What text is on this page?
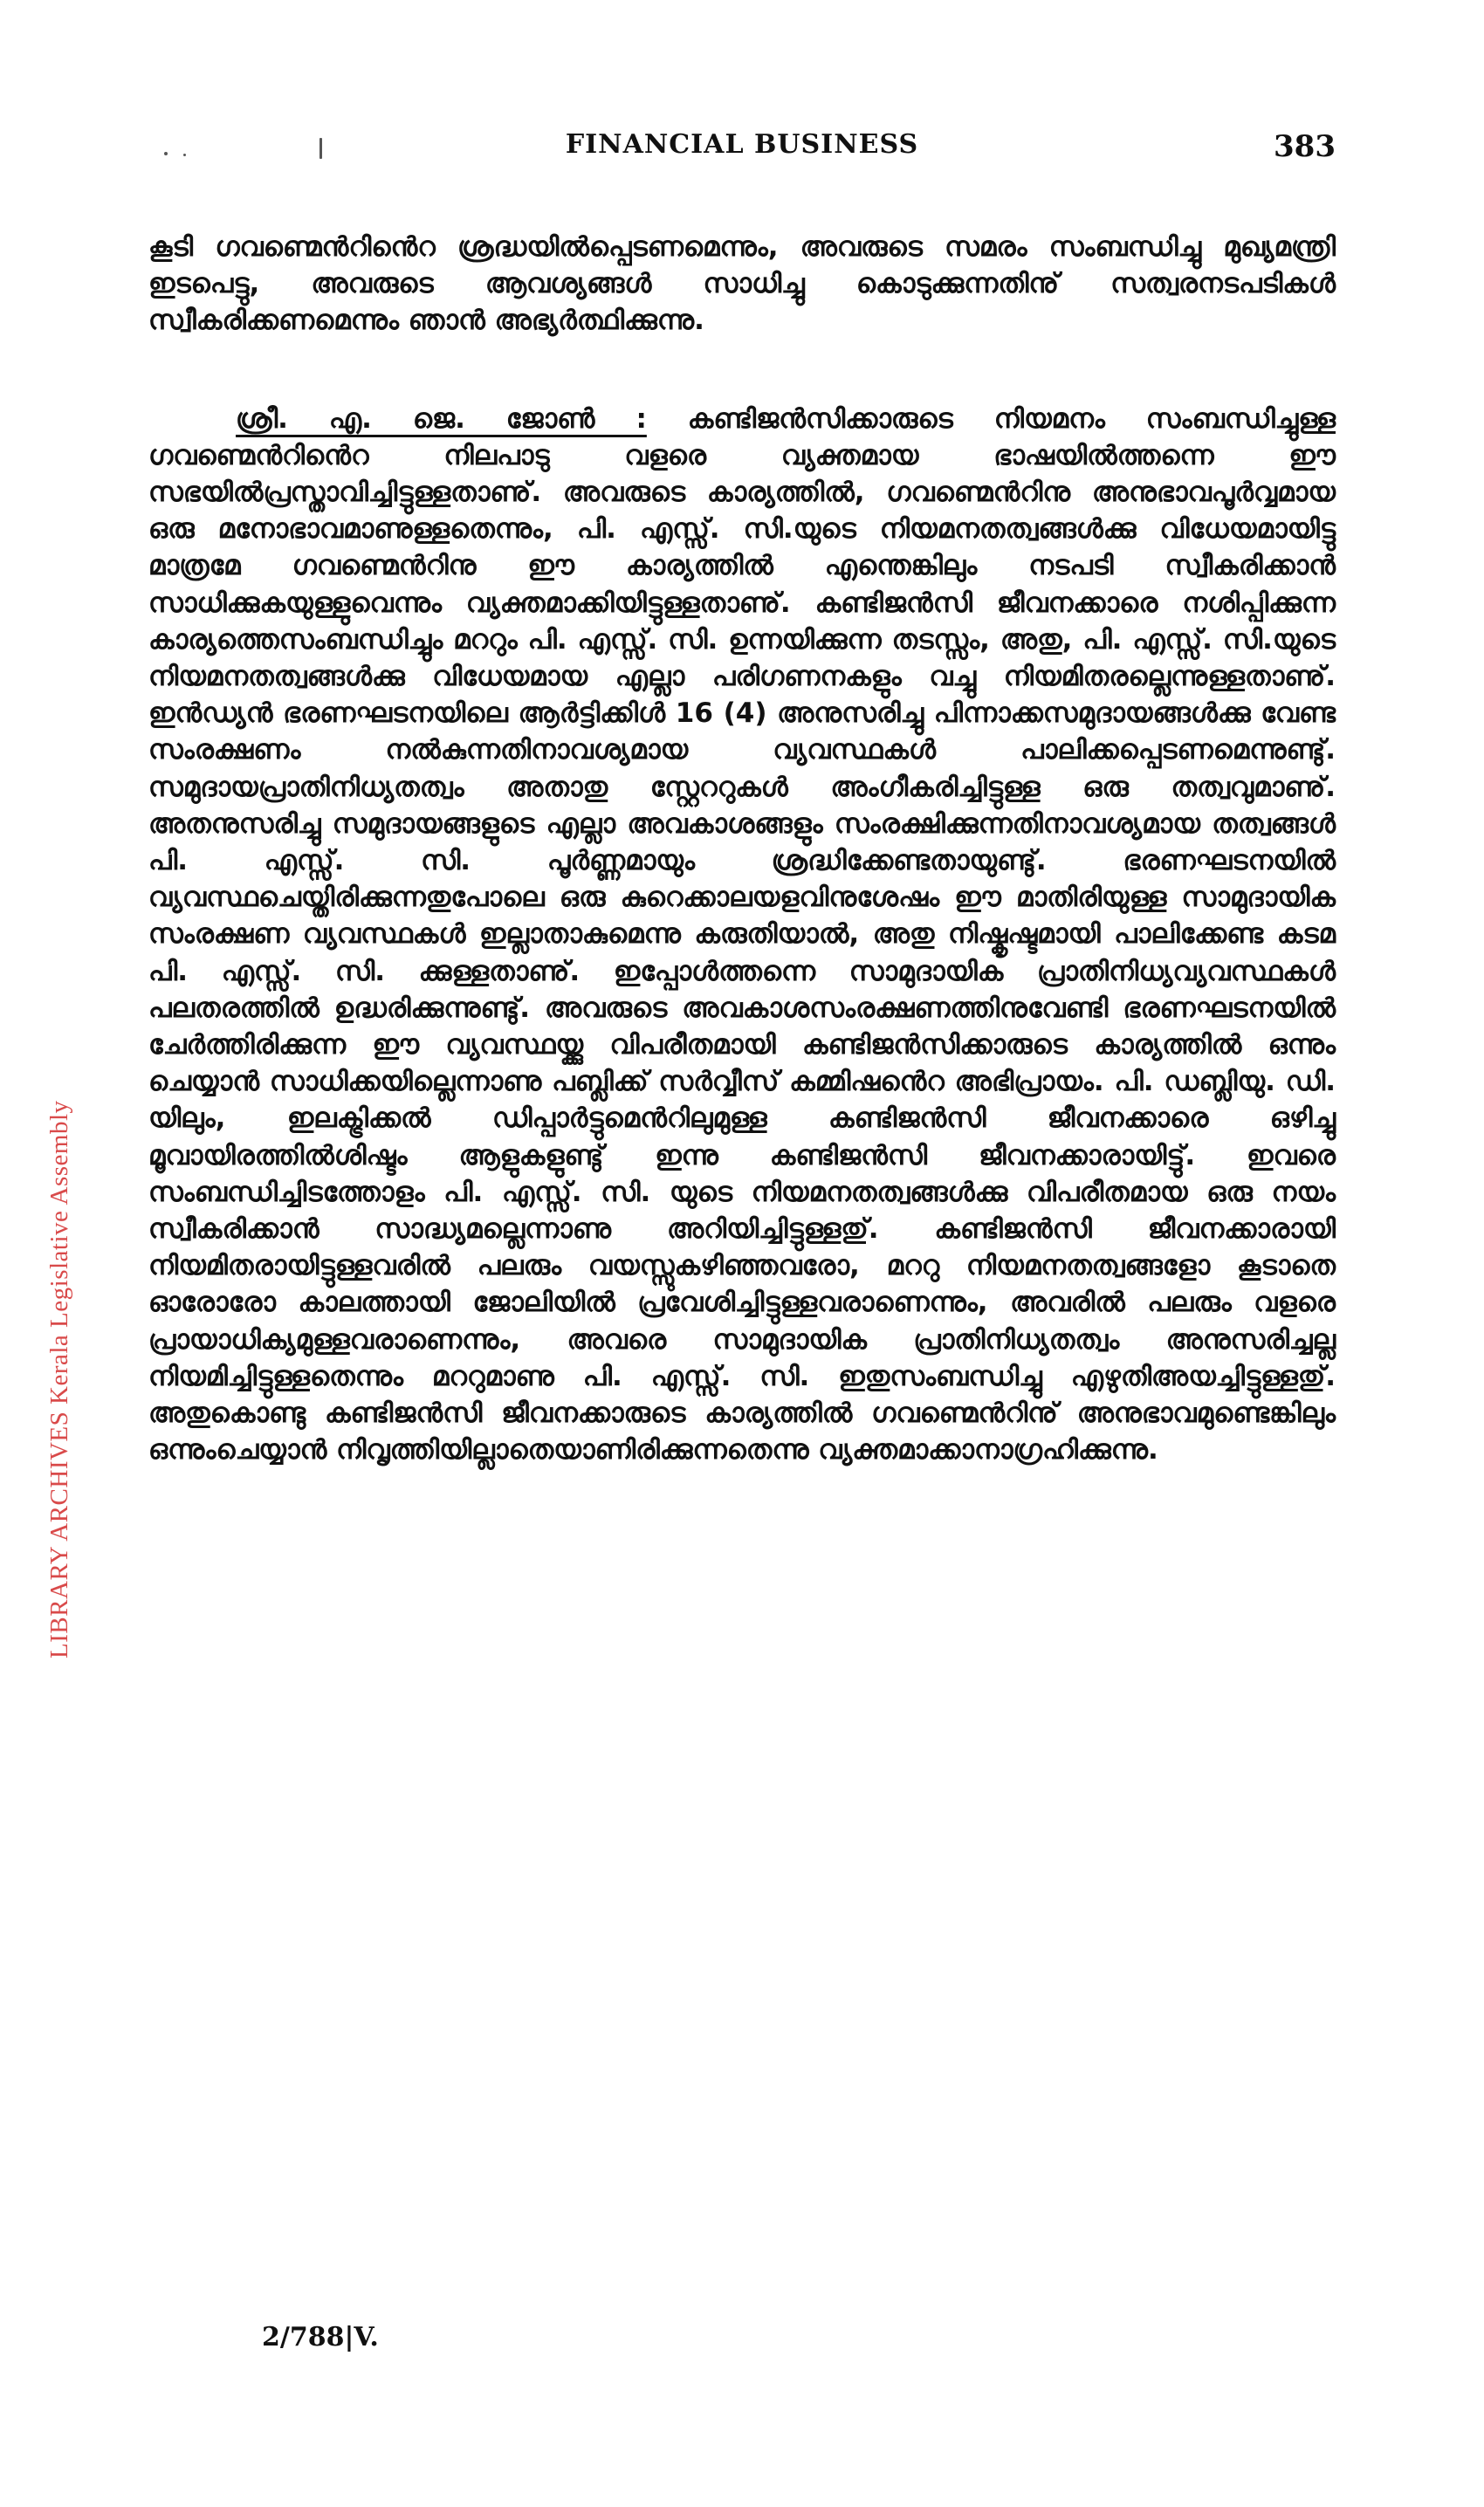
FINANCIAL BUSINESS	383

കൂടി ഗവണ്മെൻറിൻെറ ശ്രദ്ധയിൽപ്പെടണമെന്നും, അവരുടെ സമരം സംബന്ധിച്ചു മുഖ്യമന്ത്രി ഇടപെട്ടു, അവരുടെ ആവശ്യങ്ങൾ സാധിച്ചു കൊടുക്കുന്നതിനു് സത്വരനടപടികൾ സ്വീകരിക്കണമെന്നും ഞാൻ അഭ്യർത്ഥിക്കുന്നു.

ശ്രീ. എ. ജെ. ജോൺ : കണ്ടിജൻസിക്കാരുടെ നിയമനം സംബന്ധിച്ചുള്ള ഗവണ്മെൻറിൻെറ നിലപാടു വളരെ വ്യക്തമായ ഭാഷയിൽത്തന്നെ ഈ സഭയിൽപ്രസ്താവിച്ചിട്ടുള്ളതാണു്. അവരുടെ കാര്യത്തിൽ, ഗവണ്മെൻറിനു അനുഭാവപൂർവ്വമായ ഒരു മനോഭാവമാണുള്ളതെന്നും, പി. എസ്സ്. സി.യുടെ നിയമനതത്വങ്ങൾക്കു വിധേയമായിട്ടു മാത്രമേ ഗവണ്മെൻറിനു ഈ കാര്യത്തിൽ എന്തെങ്കിലും നടപടി സ്വീകരിക്കാൻ സാധിക്കുകയുള്ളുവെന്നും വ്യക്തമാക്കിയിട്ടുള്ളതാണു്. കണ്ടിജൻസി ജീവനക്കാരെ നശിപ്പിക്കുന്ന കാര്യത്തെസംബന്ധിച്ചും മററും പി. എസ്സ്. സി. ഉന്നയിക്കുന്ന തടസ്സം, അതു, പി. എസ്സ്. സി.യുടെ നിയമനതത്വങ്ങൾക്കു വിധേയമായ എല്ലാ പരിഗണനകളും വച്ചു നിയമിതരല്ലെന്നുള്ളതാണു്. ഇൻഡ്യൻ ഭരണഘടനയിലെ ആർട്ടിക്കിൾ 16 (4) അനുസരിച്ചു പിന്നാക്കസമുദായങ്ങൾക്കു വേണ്ട സംരക്ഷണം നൽകുന്നതിനാവശ്യമായ വ്യവസ്ഥകൾ പാലിക്കപ്പെടണമെന്നുണ്ടു്. സമുദായപ്രാതിനിധ്യതത്വം അതാതു സ്റ്റേററുകൾ അംഗീകരിച്ചിട്ടുള്ള ഒരു തത്വവുമാണു്. അതനുസരിച്ചു സമുദായങ്ങളുടെ എല്ലാ അവകാശങ്ങളും സംരക്ഷിക്കുന്നതിനാവശ്യമായ തത്വങ്ങൾ പി. എസ്സ്. സി. പൂർണ്ണമായും ശ്രദ്ധിക്കേണ്ടതായുണ്ടു്. ഭരണഘടനയിൽ വ്യവസ്ഥചെയ്തിരിക്കുന്നതുപോലെ ഒരു കുറെക്കാലയളവിനുശേഷം ഈ മാതിരിയുള്ള സാമുദായിക സംരക്ഷണ വ്യവസ്ഥകൾ ഇല്ലാതാകുമെന്നു കരുതിയാൽ, അതു നിഷ്കൃഷ്ടമായി പാലിക്കേണ്ട കടമ പി. എസ്സ്. സി. ക്കുള്ളതാണു്. ഇപ്പോൾത്തന്നെ സാമുദായിക പ്രാതിനിധ്യവ്യവസ്ഥകൾ പലതരത്തിൽ ഉദ്ധരിക്കുന്നുണ്ടു്. അവരുടെ അവകാശസംരക്ഷണത്തിനുവേണ്ടി ഭരണഘടനയിൽ ചേർത്തിരിക്കുന്ന ഈ വ്യവസ്ഥയ്ക്കു വിപരീതമായി കണ്ടിജൻസിക്കാരുടെ കാര്യത്തിൽ ഒന്നും ചെയ്യാൻ സാധിക്കയില്ലെന്നാണു പബ്ലിക്ക് സർവ്വീസ് കമ്മിഷൻെറ അഭിപ്രായം. പി. ഡബ്ലിയു. ഡി. യിലും, ഇലക്ട്രിക്കൽ ഡിപ്പാർട്ടുമെൻറിലുമുള്ള കണ്ടിജൻസി ജീവനക്കാരെ ഒഴിച്ചു മൂവായിരത്തിൽശിഷ്ടം ആളുകളുണ്ടു് ഇന്നു കണ്ടിജൻസി ജീവനക്കാരായിട്ടു്. ഇവരെ സംബന്ധിച്ചിടത്തോളം പി. എസ്സ്. സി. യുടെ നിയമനതത്വങ്ങൾക്കു വിപരീതമായ ഒരു നയം സ്വീകരിക്കാൻ സാദ്ധ്യമല്ലെന്നാണു അറിയിച്ചിട്ടുള്ളതു്. കണ്ടിജൻസി ജീവനക്കാരായി നിയമിതരായിട്ടുള്ളവരിൽ പലരും വയസ്സുകഴിഞ്ഞവരോ, മററു നിയമനതത്വങ്ങളോ കൂടാതെ ഓരോരോ കാലത്തായി ജോലിയിൽ പ്രവേശിച്ചിട്ടുള്ളവരാണെന്നും, അവരിൽ പലരും വളരെ പ്രായാധിക്യമുള്ളവരാണെന്നും, അവരെ സാമുദായിക പ്രാതിനിധ്യതത്വം അനുസരിച്ചല്ല നിയമിച്ചിട്ടുള്ളതെന്നും മററുമാണു പി. എസ്സ്. സി. ഇതുസംബന്ധിച്ചു എഴുതിഅയച്ചിട്ടുള്ളതു്. അതുകൊണ്ടു കണ്ടിജൻസി ജീവനക്കാരുടെ കാര്യത്തിൽ ഗവണ്മെൻറിനു് അനുഭാവമുണ്ടെങ്കിലും ഒന്നുംചെയ്യാൻ നിവൃത്തിയില്ലാതെയാണിരിക്കുന്നതെന്നു വ്യക്തമാക്കാനാഗ്രഹിക്കുന്നു.

2/788|V.
LIBRARY ARCHIVES Kerala Legislative Assembly
